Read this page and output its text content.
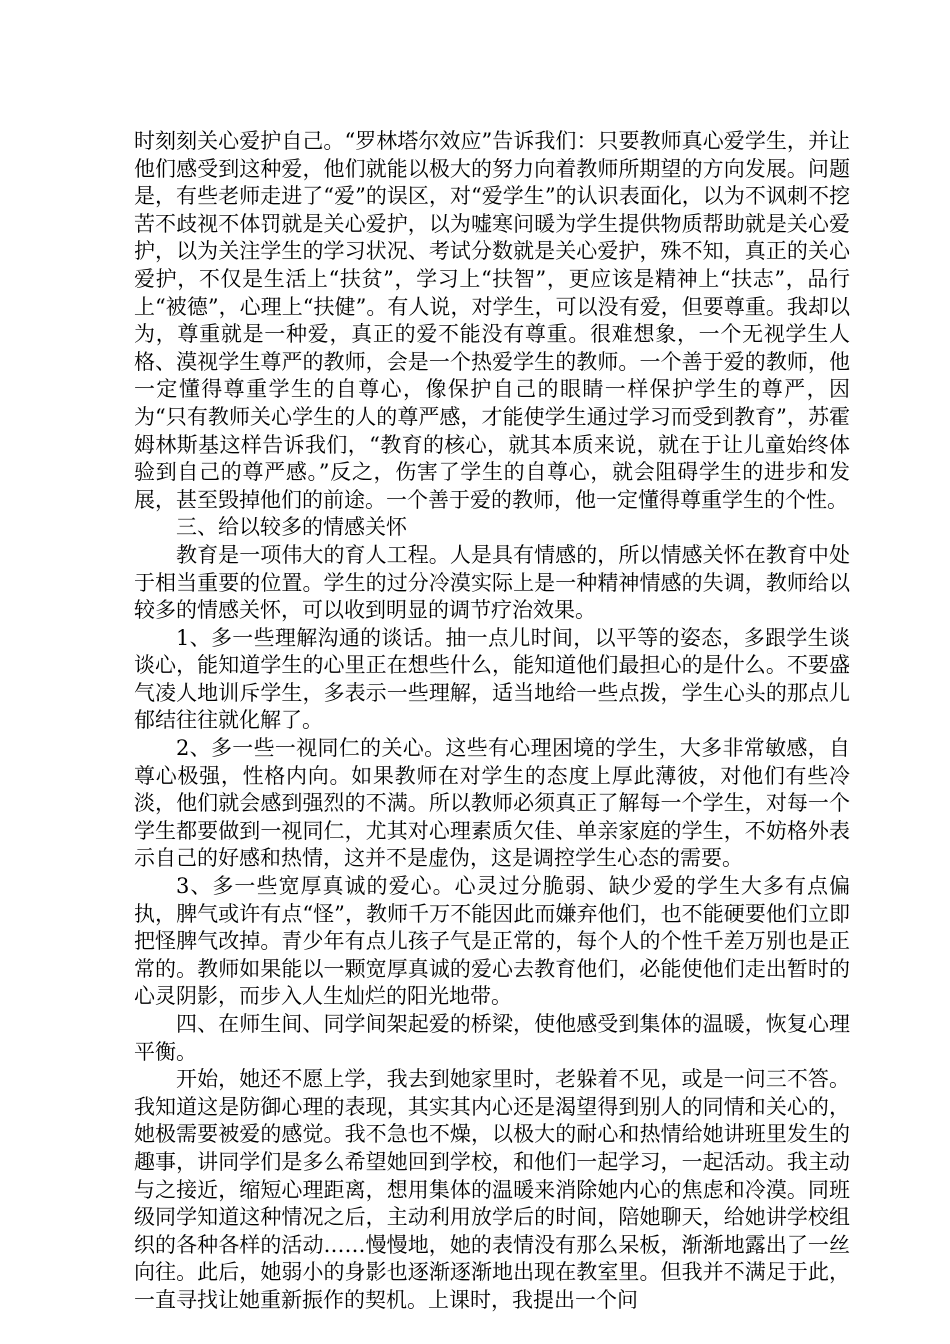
时刻刻关心爱护自己。“罗林塔尔效应”告诉我们：只要教师真心爱学生，并让他们感受到这种爱，他们就能以极大的努力向着教师所期望的方向发展。问题是，有些老师走进了“爱”的误区，对“爱学生”的认识表面化，以为不讽刺不挖苦不歧视不体罚就是关心爱护，以为嘘寒问暖为学生提供物质帮助就是关心爱护，以为关注学生的学习状况、考试分数就是关心爱护，殊不知，真正的关心爱护，不仅是生活上“扶贫”，学习上“扶智”，更应该是精神上“扶志”，品行上“被德”，心理上“扶健”。有人说，对学生，可以没有爱，但要尊重。我却以为，尊重就是一种爱，真正的爱不能没有尊重。很难想象，一个无视学生人格、漠视学生尊严的教师，会是一个热爱学生的教师。一个善于爱的教师，他一定懂得尊重学生的自尊心，像保护自己的眼睛一样保护学生的尊严，因为“只有教师关心学生的人的尊严感，才能使学生通过学习而受到教育”，苏霍姆林斯基这样告诉我们，“教育的核心，就其本质来说，就在于让儿童始终体验到自己的尊严感。”反之，伤害了学生的自尊心，就会阻碍学生的进步和发展，甚至毁掉他们的前途。一个善于爱的教师，他一定懂得尊重学生的个性。

三、给以较多的情感关怀

教育是一项伟大的育人工程。人是具有情感的，所以情感关怀在教育中处于相当重要的位置。学生的过分冷漠实际上是一种精神情感的失调，教师给以较多的情感关怀，可以收到明显的调节疗治效果。

1、多一些理解沟通的谈话。抽一点儿时间，以平等的姿态，多跟学生谈谈心，能知道学生的心里正在想些什么，能知道他们最担心的是什么。不要盛气凌人地训斥学生，多表示一些理解，适当地给一些点拨，学生心头的那点儿郁结往往就化解了。

2、多一些一视同仁的关心。这些有心理困境的学生，大多非常敏感，自尊心极强，性格内向。如果教师在对学生的态度上厚此薄彼，对他们有些冷淡，他们就会感到强烈的不满。所以教师必须真正了解每一个学生，对每一个学生都要做到一视同仁，尤其对心理素质欠佳、单亲家庭的学生，不妨格外表示自己的好感和热情，这并不是虚伪，这是调控学生心态的需要。

3、多一些宽厚真诚的爱心。心灵过分脆弱、缺少爱的学生大多有点偏执，脾气或许有点“怪”，教师千万不能因此而嫌弃他们，也不能硬要他们立即把怪脾气改掉。青少年有点儿孩子气是正常的，每个人的个性千差万别也是正常的。教师如果能以一颗宽厚真诚的爱心去教育他们，必能使他们走出暂时的心灵阴影，而步入人生灿烂的阳光地带。

四、在师生间、同学间架起爱的桥梁，使他感受到集体的温暖，恢复心理平衡。

开始，她还不愿上学，我去到她家里时，老躲着不见，或是一问三不答。我知道这是防御心理的表现，其实其内心还是渴望得到别人的同情和关心的，她极需要被爱的感觉。我不急也不燥，以极大的耐心和热情给她讲班里发生的趣事，讲同学们是多么希望她回到学校，和他们一起学习，一起活动。我主动与之接近，缩短心理距离，想用集体的温暖来消除她内心的焦虑和冷漠。同班级同学知道这种情况之后，主动利用放学后的时间，陪她聊天，给她讲学校组织的各种各样的活动……慢慢地，她的表情没有那么呆板，渐渐地露出了一丝向往。此后，她弱小的身影也逐渐逐渐地出现在教室里。但我并不满足于此，一直寻找让她重新振作的契机。上课时，我提出一个问
